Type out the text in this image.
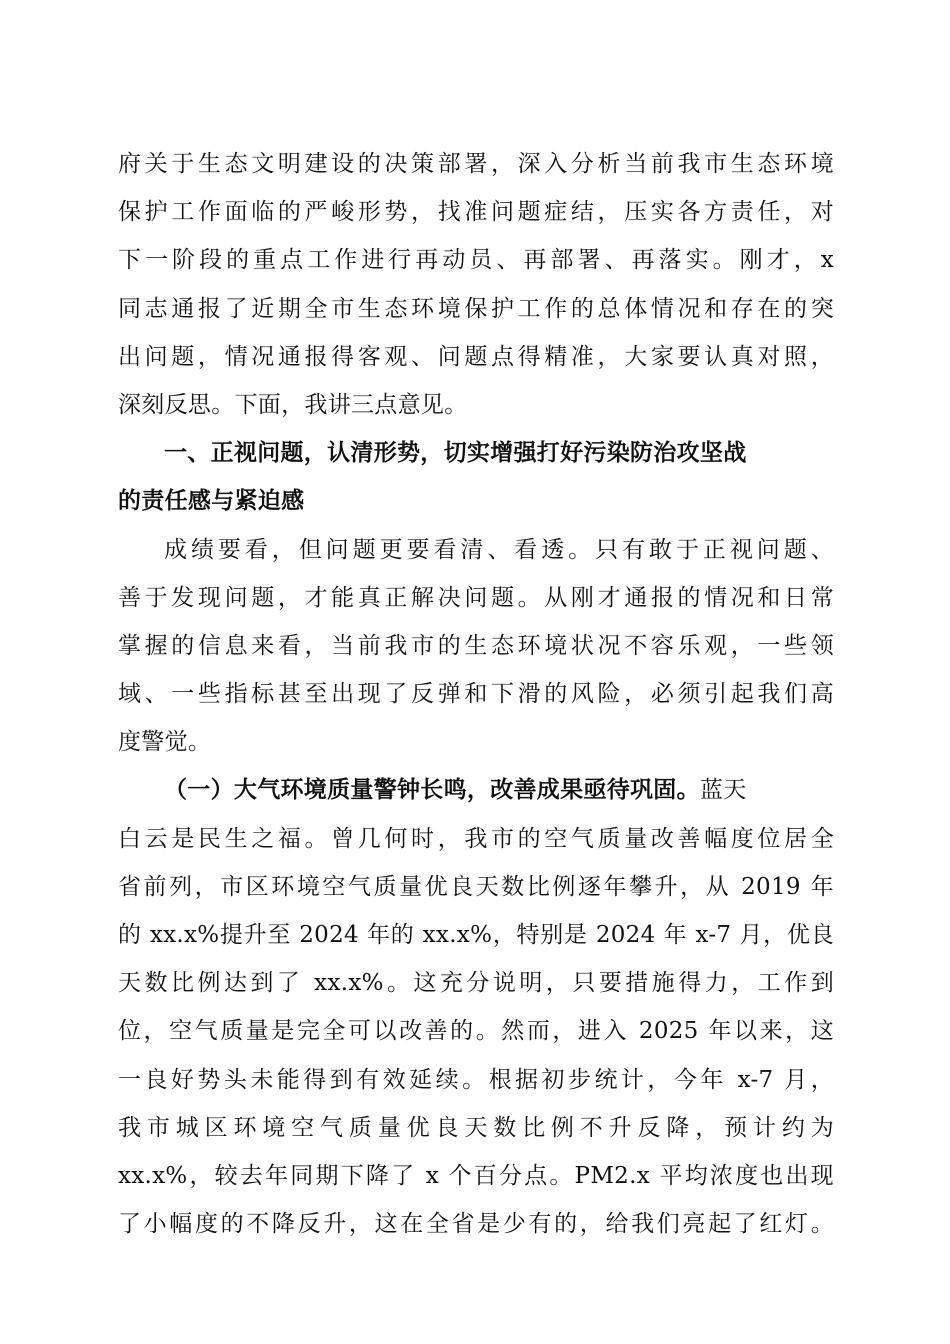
府关于生态文明建设的决策部署，深入分析当前我市生态环境
保护工作面临的严峻形势，找准问题症结，压实各方责任，对
下一阶段的重点工作进行再动员、再部署、再落实。刚才，x
同志通报了近期全市生态环境保护工作的总体情况和存在的突
出问题，情况通报得客观、问题点得精准，大家要认真对照，
深刻反思。下面，我讲三点意见。
一、正视问题，认清形势，切实增强打好污染防治攻坚战
的责任感与紧迫感
成绩要看，但问题更要看清、看透。只有敢于正视问题、
善于发现问题，才能真正解决问题。从刚才通报的情况和日常
掌握的信息来看，当前我市的生态环境状况不容乐观，一些领
域、一些指标甚至出现了反弹和下滑的风险，必须引起我们高
度警觉。
（一）大气环境质量警钟长鸣，改善成果亟待巩固。蓝天
白云是民生之福。曾几何时，我市的空气质量改善幅度位居全
省前列，市区环境空气质量优良天数比例逐年攀升，从 2019 年
的 xx.x%提升至 2024 年的 xx.x%，特别是 2024 年 x-7 月，优良
天数比例达到了 xx.x%。这充分说明，只要措施得力，工作到
位，空气质量是完全可以改善的。然而，进入 2025 年以来，这
一良好势头未能得到有效延续。根据初步统计，今年 x-7 月，
我市城区环境空气质量优良天数比例不升反降，预计约为
xx.x%，较去年同期下降了 x 个百分点。PM2.x 平均浓度也出现
了小幅度的不降反升，这在全省是少有的，给我们亮起了红灯。
